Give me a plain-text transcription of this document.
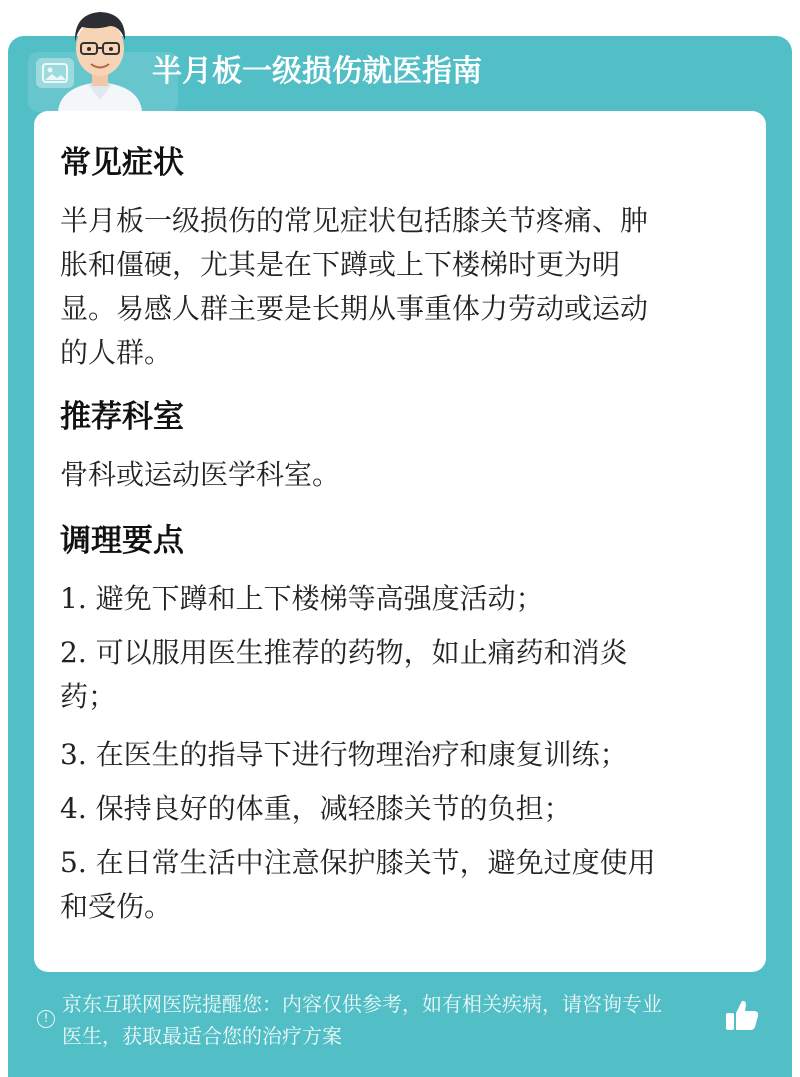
半月板一级损伤就医指南
常见症状
半月板一级损伤的常见症状包括膝关节疼痛、肿
胀和僵硬，尤其是在下蹲或上下楼梯时更为明
显。易感人群主要是长期从事重体力劳动或运动
的人群。
推荐科室
骨科或运动医学科室。
调理要点
1. 避免下蹲和上下楼梯等高强度活动；
2. 可以服用医生推荐的药物，如止痛药和消炎
药；
3. 在医生的指导下进行物理治疗和康复训练；
4. 保持良好的体重，减轻膝关节的负担；
5. 在日常生活中注意保护膝关节，避免过度使用
和受伤。
!
京东互联网医院提醒您：内容仅供参考，如有相关疾病，请咨询专业
医生，获取最适合您的治疗方案
